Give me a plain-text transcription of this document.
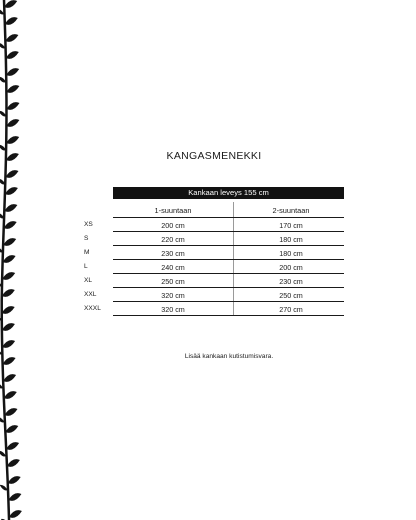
KANGASMENEKKI
Kankaan leveys 155 cm
1-suuntaan	2-suuntaan
XS	200 cm	170 cm
S	220 cm	180 cm
M	230 cm	180 cm
L	240 cm	200 cm
XL	250 cm	230 cm
XXL	320 cm	250 cm
XXXL	320 cm	270 cm
Lisää kankaan kutistumisvara.
